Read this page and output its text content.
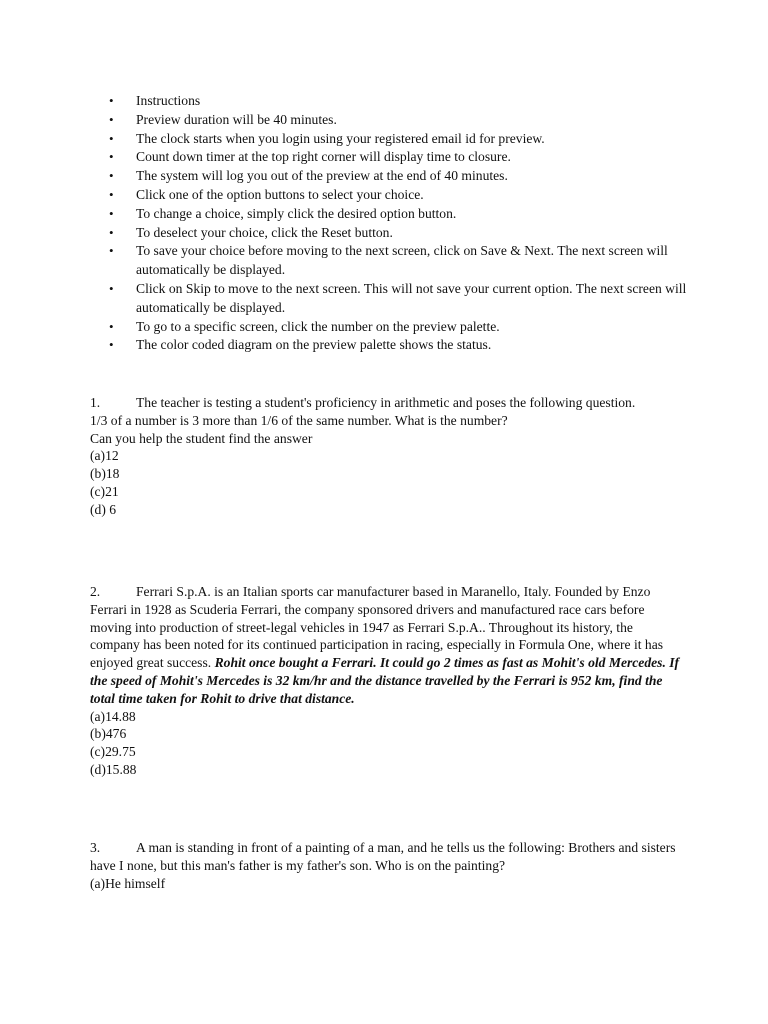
• Instructions
• Preview duration will be 40 minutes.
• The clock starts when you login using your registered email id for preview.
• Count down timer at the top right corner will display time to closure.
• The system will log you out of the preview at the end of 40 minutes.
• Click one of the option buttons to select your choice.
• To change a choice, simply click the desired option button.
• To deselect your choice, click the Reset button.
• To save your choice before moving to the next screen, click on Save & Next. The next screen will automatically be displayed.
• Click on Skip to move to the next screen. This will not save your current option. The next screen will automatically be displayed.
• To go to a specific screen, click the number on the preview palette.
• The color coded diagram on the preview palette shows the status.

1.	The teacher is testing a student's proficiency in arithmetic and poses the following question.

1/3 of a number is 3 more than 1/6 of the same number. What is the number?

Can you help the student find the answer

(a)12

(b)18

(c)21

(d) 6

2.	Ferrari S.p.A. is an Italian sports car manufacturer based in Maranello, Italy. Founded by Enzo Ferrari in 1928 as Scuderia Ferrari, the company sponsored drivers and manufactured race cars before moving into production of street-legal vehicles in 1947 as Ferrari S.p.A.. Throughout its history, the company has been noted for its continued participation in racing, especially in Formula One, where it has enjoyed great success. Rohit once bought a Ferrari. It could go 2 times as fast as Mohit's old Mercedes. If the speed of Mohit's Mercedes is 32 km/hr and the distance travelled by the Ferrari is 952 km, find the total time taken for Rohit to drive that distance.

(a)14.88

(b)476

(c)29.75

(d)15.88

3.	A man is standing in front of a painting of a man, and he tells us the following: Brothers and sisters have I none, but this man's father is my father's son. Who is on the painting?

(a)He himself
